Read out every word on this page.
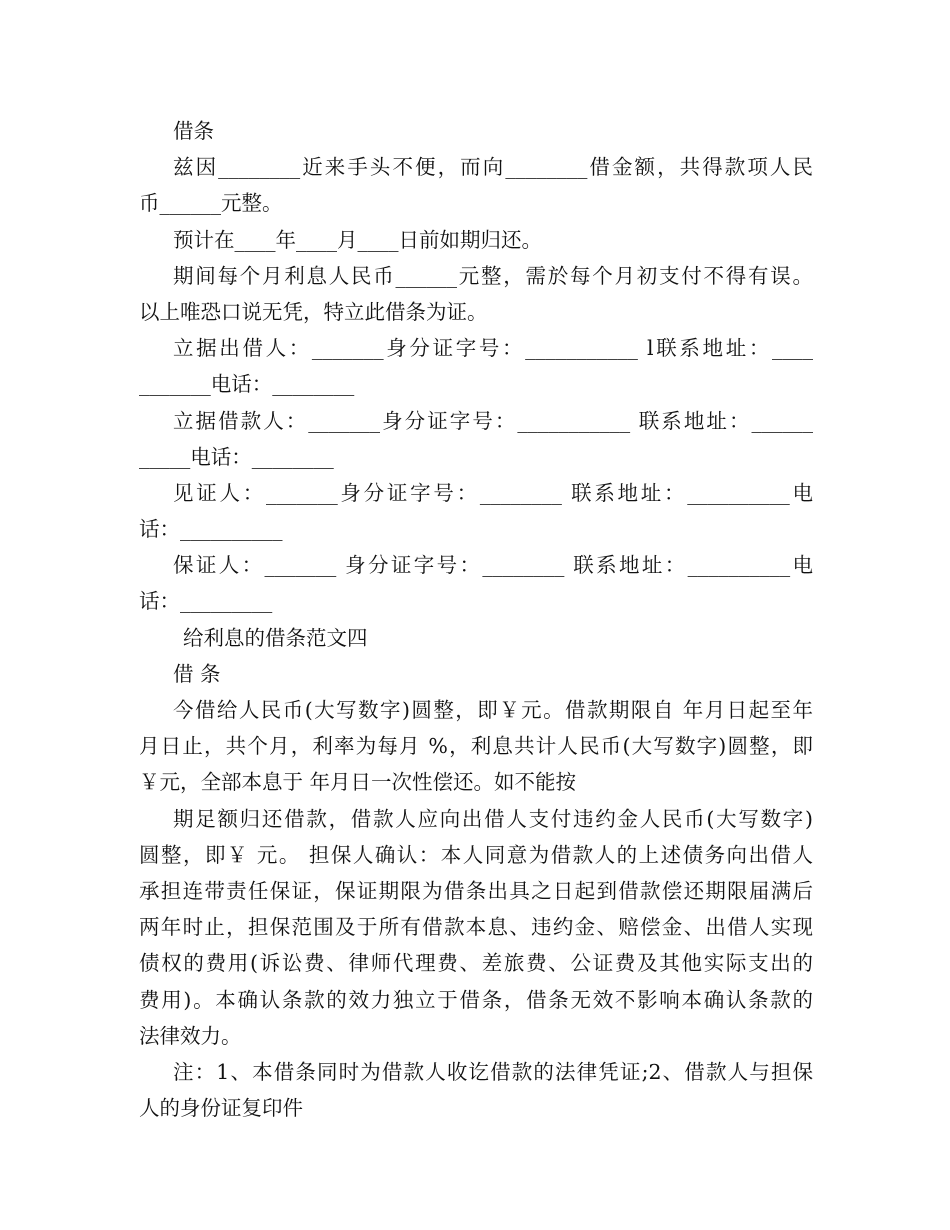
借条
兹因________近来手头不便，而向________借金额，共得款项人民
币______元整。
预计在____年____月____日前如期归还。
期间每个月利息人民币______元整，需於每个月初支付不得有误。
以上唯恐口说无凭，特立此借条为证。
立据出借人：_______身分证字号：___________ l联系地址：____
_______电话：________
立据借款人：_______身分证字号：___________ 联系地址：______
_____电话：________
见证人：_______身分证字号：________ 联系地址：__________电
话：__________
保证人：_______ 身分证字号：________ 联系地址：__________电
话：_________
给利息的借条范文四
借 条
今借给人民币(大写数字)圆整，即￥元。借款期限自 年月日起至年
月日止，共个月，利率为每月 %，利息共计人民币(大写数字)圆整，即
￥元，全部本息于 年月日一次性偿还。如不能按
期足额归还借款，借款人应向出借人支付违约金人民币(大写数字)
圆整，即￥ 元。 担保人确认：本人同意为借款人的上述债务向出借人
承担连带责任保证，保证期限为借条出具之日起到借款偿还期限届满后
两年时止，担保范围及于所有借款本息、违约金、赔偿金、出借人实现
债权的费用(诉讼费、律师代理费、差旅费、公证费及其他实际支出的
费用)。本确认条款的效力独立于借条，借条无效不影响本确认条款的
法律效力。
注：1、本借条同时为借款人收讫借款的法律凭证;2、借款人与担保
人的身份证复印件
